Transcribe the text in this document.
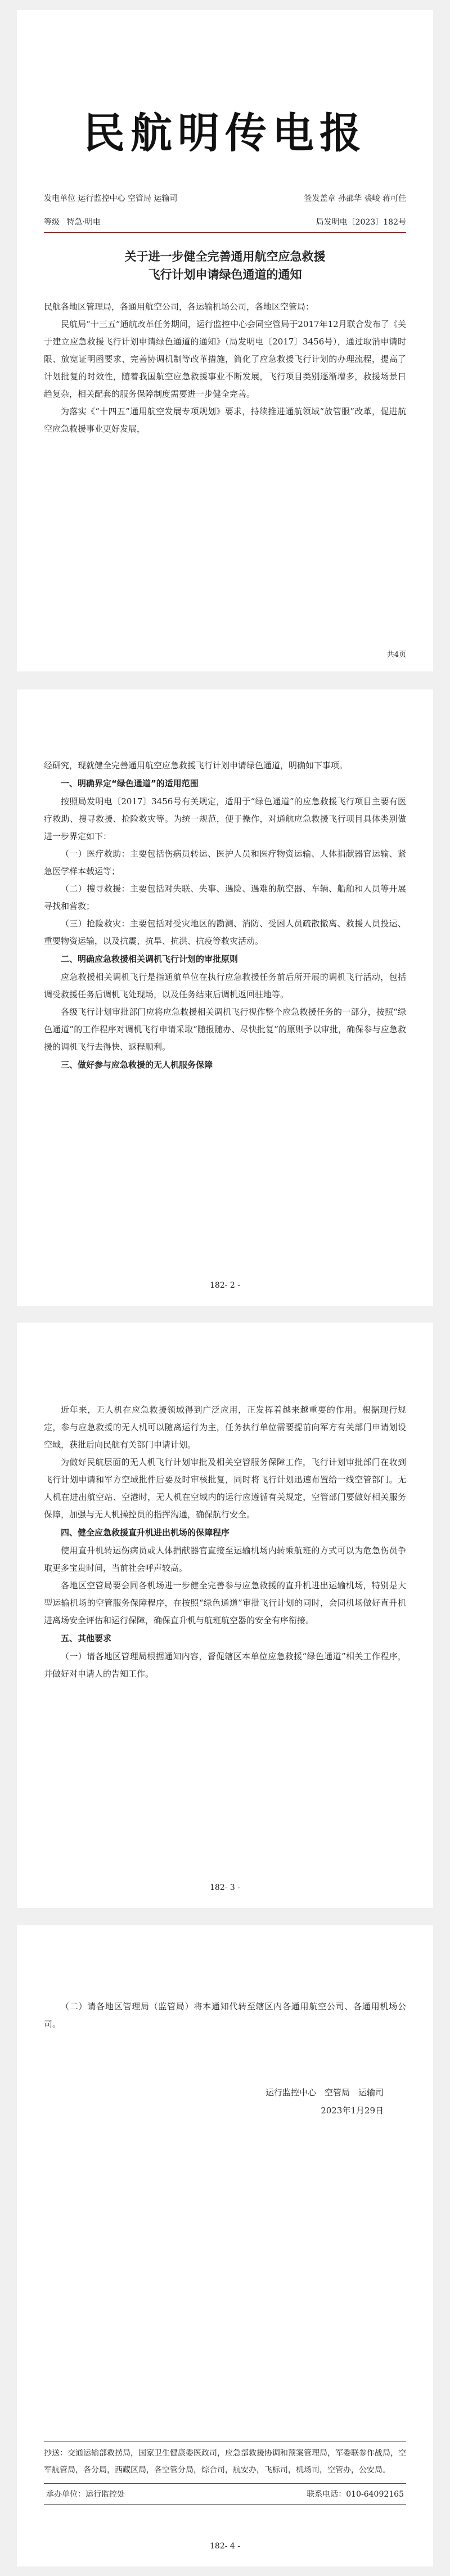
民航明传电报
发电单位 运行监控中心 空管局 运输司	签发盖章 孙邵华 裘峻 蒋可佳
等级 特急·明电	局发明电〔2023〕182号
关于进一步健全完善通用航空应急救援
飞行计划申请绿色通道的通知

民航各地区管理局，各通用航空公司，各运输机场公司，各地区空管局：

民航局“十三五”通航改革任务期间，运行监控中心会同空管局于2017年12月联合发布了《关于建立应急救援飞行计划申请绿色通道的通知》（局发明电〔2017〕3456号），通过取消申请时限、放宽证明函要求、完善协调机制等改革措施，简化了应急救援飞行计划的办理流程，提高了计划批复的时效性，随着我国航空应急救援事业不断发展，飞行项目类别逐渐增多，救援场景日趋复杂，相关配套的服务保障制度需要进一步健全完善。

为落实《“十四五”通用航空发展专项规划》要求，持续推进通航领域“放管服”改革，促进航空应急救援事业更好发展，

共4页

经研究，现就健全完善通用航空应急救援飞行计划申请绿色通道，明确如下事项。

一、明确界定“绿色通道”的适用范围

按照局发明电〔2017〕3456号有关规定，适用于“绿色通道”的应急救援飞行项目主要有医疗救助、搜寻救援、抢险救灾等。为统一规范，便于操作，对通航应急救援飞行项目具体类别做进一步界定如下：

（一）医疗救助：主要包括伤病员转运、医护人员和医疗物资运输、人体捐献器官运输、紧急医学样本载运等；

（二）搜寻救援：主要包括对失联、失事、遇险、遇难的航空器、车辆、船舶和人员等开展寻找和营救；

（三）抢险救灾：主要包括对受灾地区的勘测、消防、受困人员疏散撤离、救援人员投运、重要物资运输，以及抗震、抗旱、抗洪、抗疫等救灾活动。

二、明确应急救援相关调机飞行计划的审批原则

应急救援相关调机飞行是指通航单位在执行应急救援任务前后所开展的调机飞行活动，包括调受救援任务后调机飞处现场，以及任务结束后调机返回驻地等。

各级飞行计划审批部门应将应急救援相关调机飞行视作整个应急救援任务的一部分，按照“绿色通道”的工作程序对调机飞行申请采取“随报随办、尽快批复”的原则予以审批，确保参与应急救援的调机飞行去得快、返程顺利。

三、做好参与应急救援的无人机服务保障
182- 2 -

近年来，无人机在应急救援领域得到广泛应用，正发挥着越来越重要的作用。根据现行规定，参与应急救援的无人机可以随离运行为主，任务执行单位需要提前向军方有关部门申请划设空域，获批后向民航有关部门申请计划。

为做好民航层面的无人机飞行计划审批及相关空管服务保障工作，飞行计划审批部门在收到飞行计划申请和军方空域批件后要及时审核批复，同时将飞行计划迅速布置给一线空管部门。无人机在进出航空站、空港时，无人机在空域内的运行应遵循有关规定，空管部门要做好相关服务保障，加强与无人机操控员的指挥沟通，确保航行安全。

四、健全应急救援直升机进出机场的保障程序

使用直升机转运伤病员或人体捐献器官直接至运输机场内转乘航班的方式可以为危急伤员争取更多宝贵时间，当前社会呼声较高。

各地区空管局要会同各机场进一步健全完善参与应急救援的直升机进出运输机场，特别是大型运输机场的空管服务保障程序，在按照“绿色通道”审批飞行计划的同时，会同机场做好直升机进离场安全评估和运行保障，确保直升机与航班航空器的安全有序衔接。

五、其他要求

（一）请各地区管理局根据通知内容，督促辖区本单位应急救援“绿色通道”相关工作程序，并做好对申请人的告知工作。

182- 3 -

（二）请各地区管理局（监管局）将本通知代转至辖区内各通用航空公司、各通用机场公司。

运行监控中心　空管局　运输司
2023年1月29日
抄送：交通运输部救捞局，国家卫生健康委医政司，应急部救援协调和预案管理局，军委联参作战局，空军航管局，各分局，西藏区局，各空管分局，综合司，航安办，飞标司，机场司，空管办，公安局。
承办单位：运行监控处	联系电话：010-64092165
182- 4 -
